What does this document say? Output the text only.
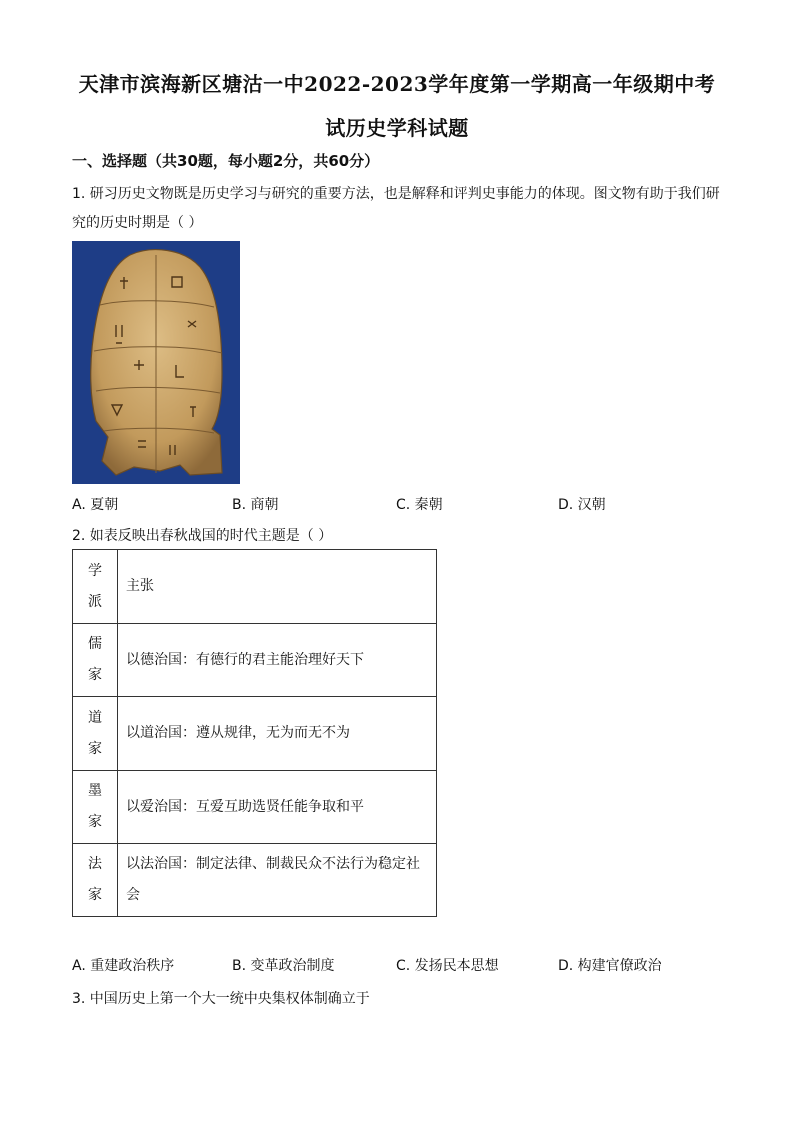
天津市滨海新区塘沽一中2022-2023学年度第一学期高一年级期中考
试历史学科试题
一、选择题（共30题，每小题2分，共60分）
1. 研习历史文物既是历史学习与研究的重要方法，也是解释和评判史事能力的体现。图文物有助于我们研
究的历史时期是（ ）
A. 夏朝	B. 商朝	C. 秦朝	D. 汉朝
2. 如表反映出春秋战国的时代主题是（ ）
学派	主张

儒家	以德治国：有德行的君主能治理好天下

道家	以道治国：遵从规律，无为而无不为

墨家	以爱治国：互爱互助选贤任能争取和平

法家	以法治国：制定法律、制裁民众不法行为稳定社会
A. 重建政治秩序	B. 变革政治制度	C. 发扬民本思想	D. 构建官僚政治
3. 中国历史上第一个大一统中央集权体制确立于
